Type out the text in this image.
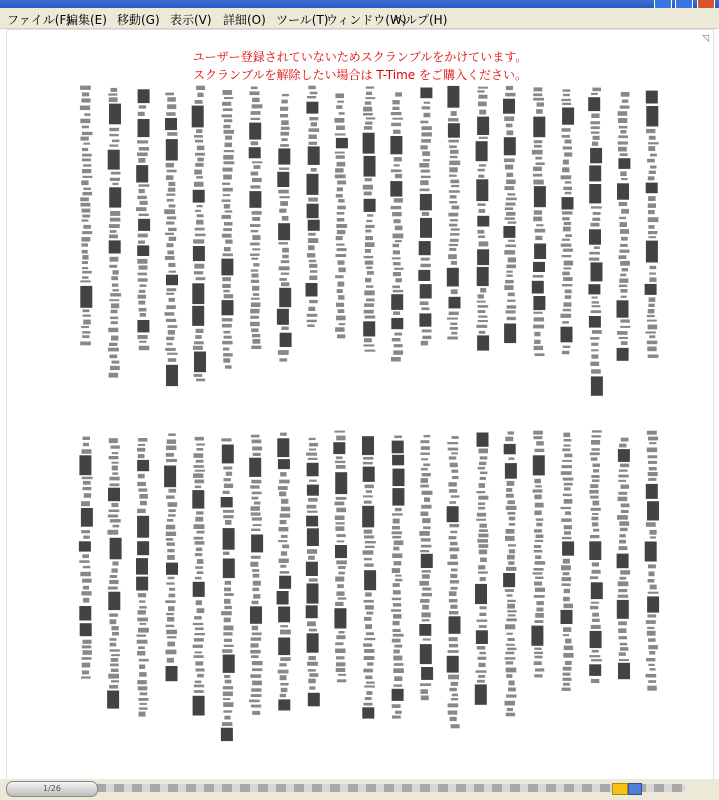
ファイル(F)
編集(E) 移動(G) 表示(V) 詳細(O) ツール(T)
ウィンドウ(W)
ヘルプ(H)
◹
ユーザー登録されていないためスクランブルをかけています。
スクランブルを解除したい場合は T-Time をご購入ください。
1/26
